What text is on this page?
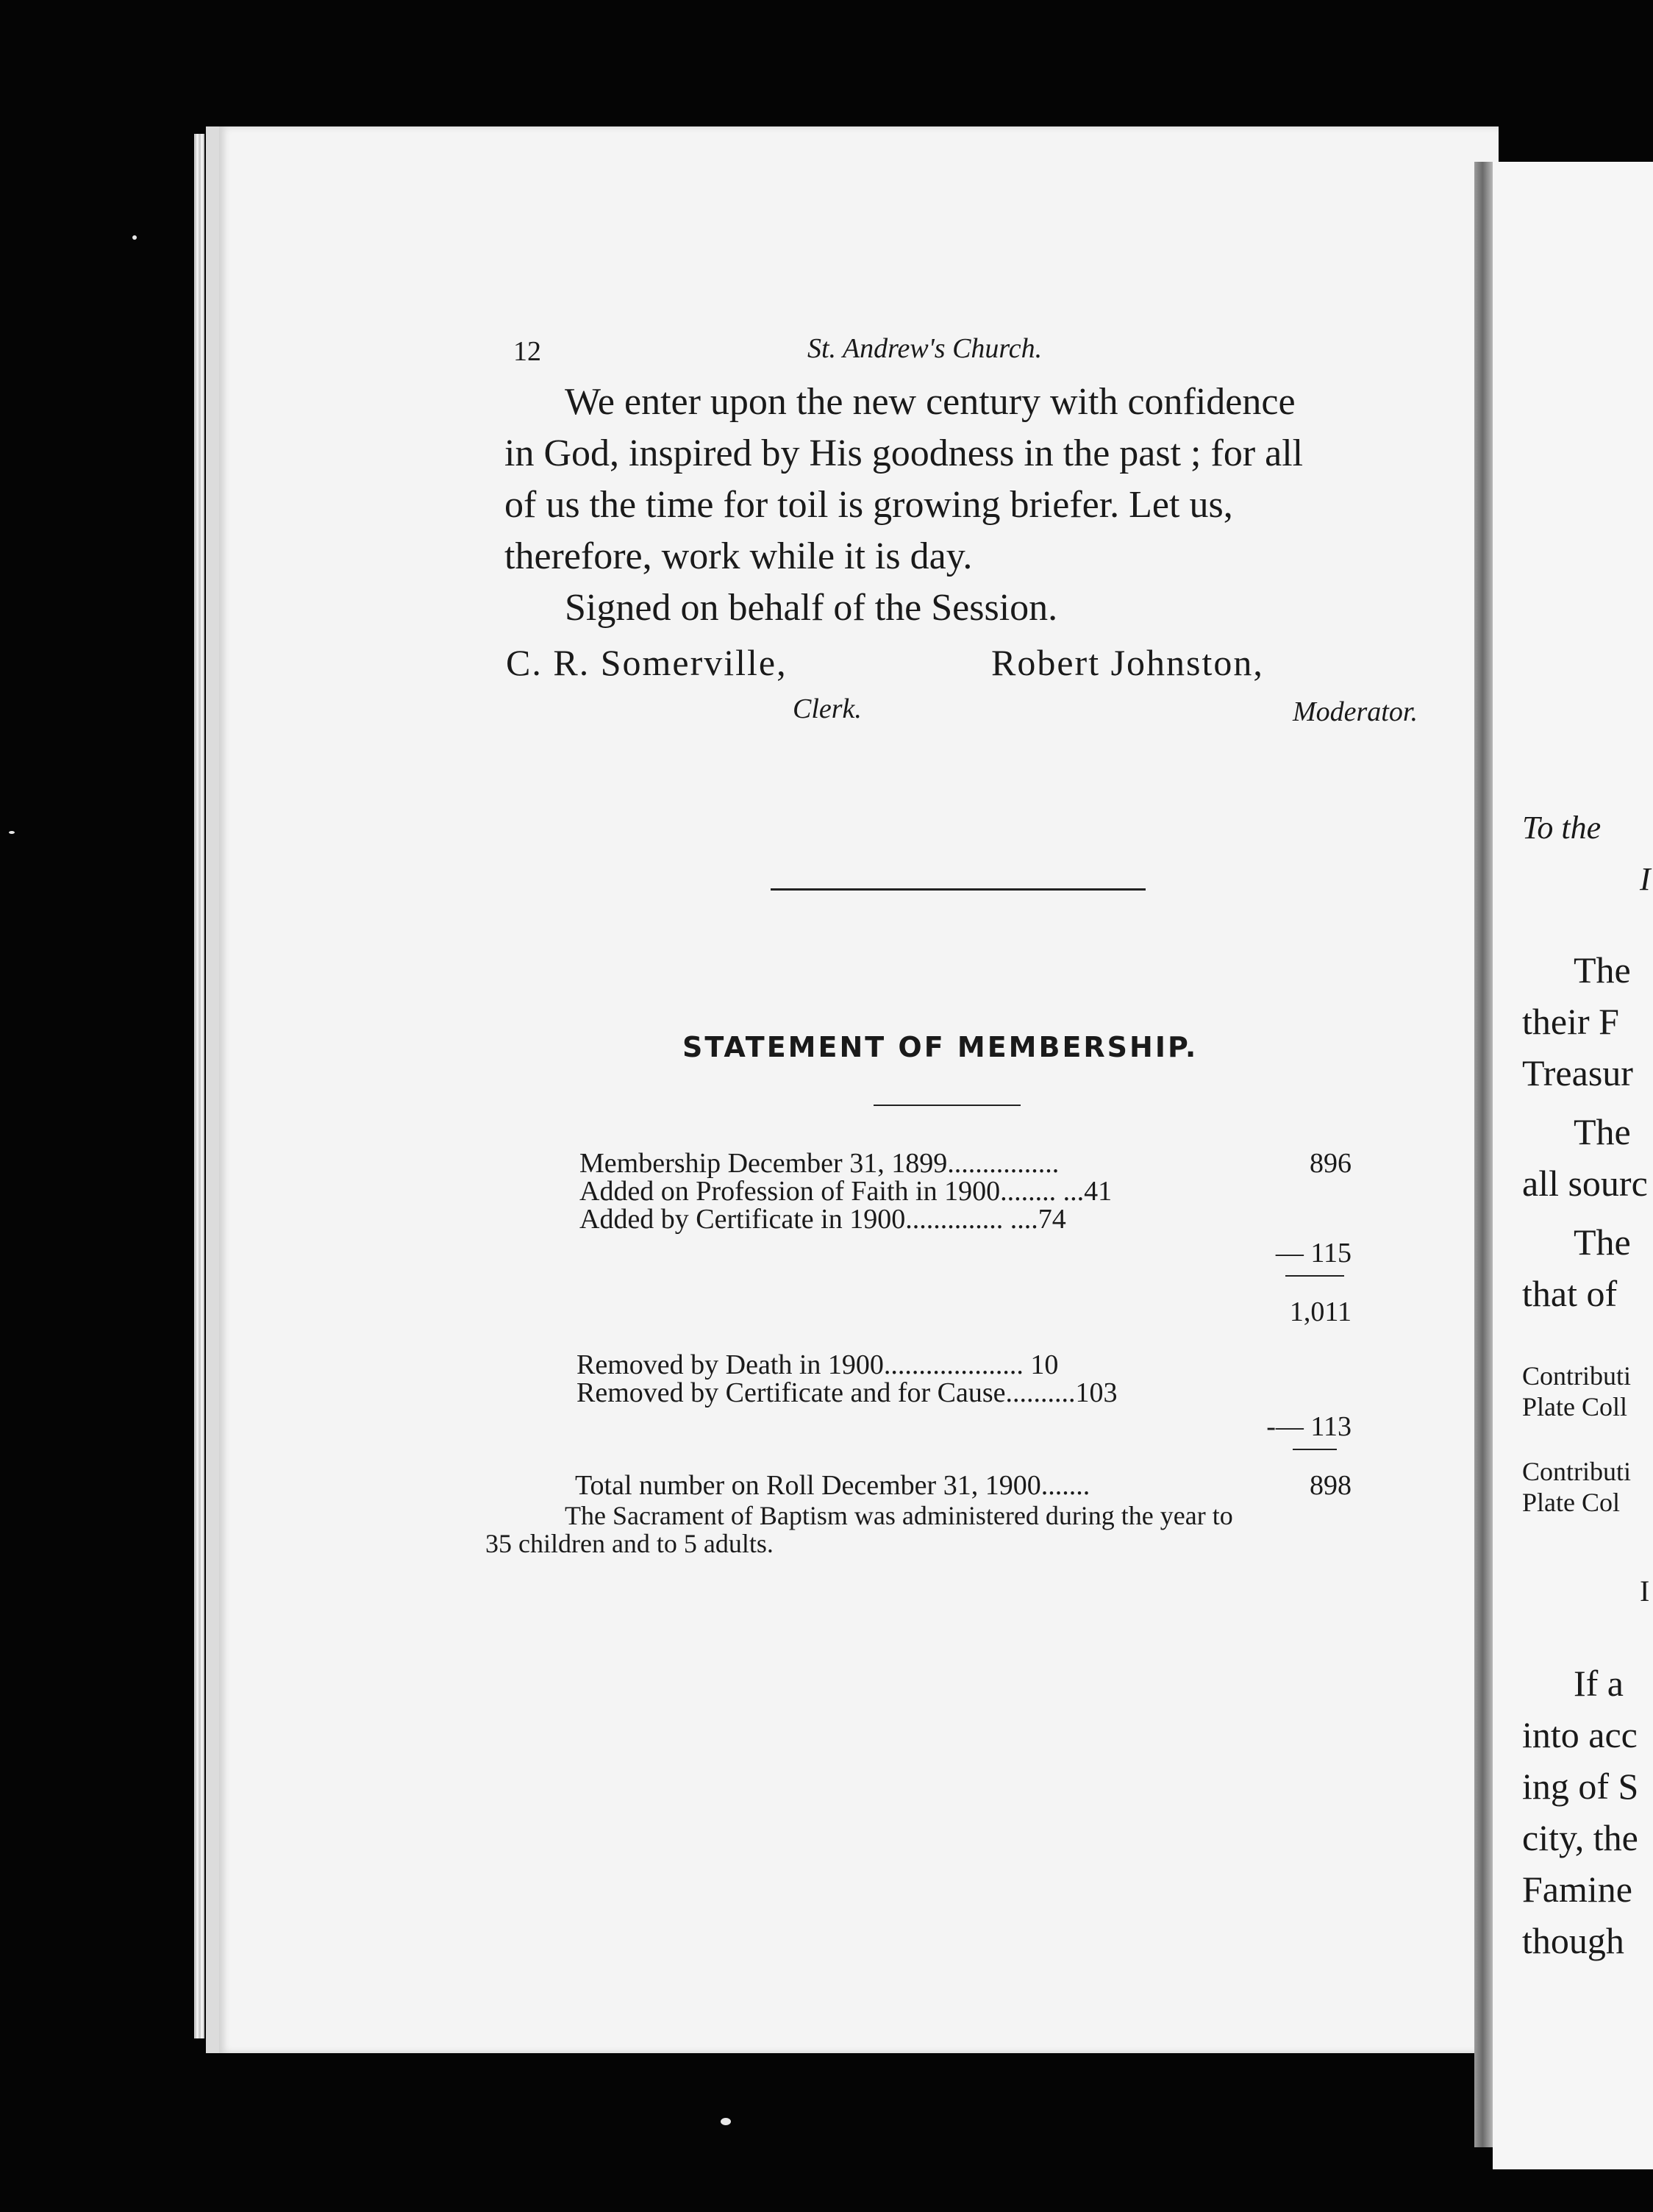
12	St. Andrew's Church.
We enter upon the new century with confidence
in God, inspired by His goodness in the past ; for all
of us the time for toil is growing briefer. Let us,
therefore, work while it is day.
Signed on behalf of the Session.
C. R. Somerville,
Clerk.
Robert Johnston,
Moderator.
STATEMENT OF MEMBERSHIP.
Membership December 31, 1899................	896
Added on Profession of Faith in 1900........ ...41
Added by Certificate in 1900.............. ....74
— 115
1,011
Removed by Death in 1900.................... 10
Removed by Certificate and for Cause..........103
-— 113
Total number on Roll December 31, 1900.......	898
The Sacrament of Baptism was administered during the year to
35 children and to 5 adults.
To the
I
The
their F
Treasur
The
all sourc
The
that of
Contributi
Plate Coll
Contributi
Plate Col
I
If a
into acc
ing of S
city, the
Famine
though
